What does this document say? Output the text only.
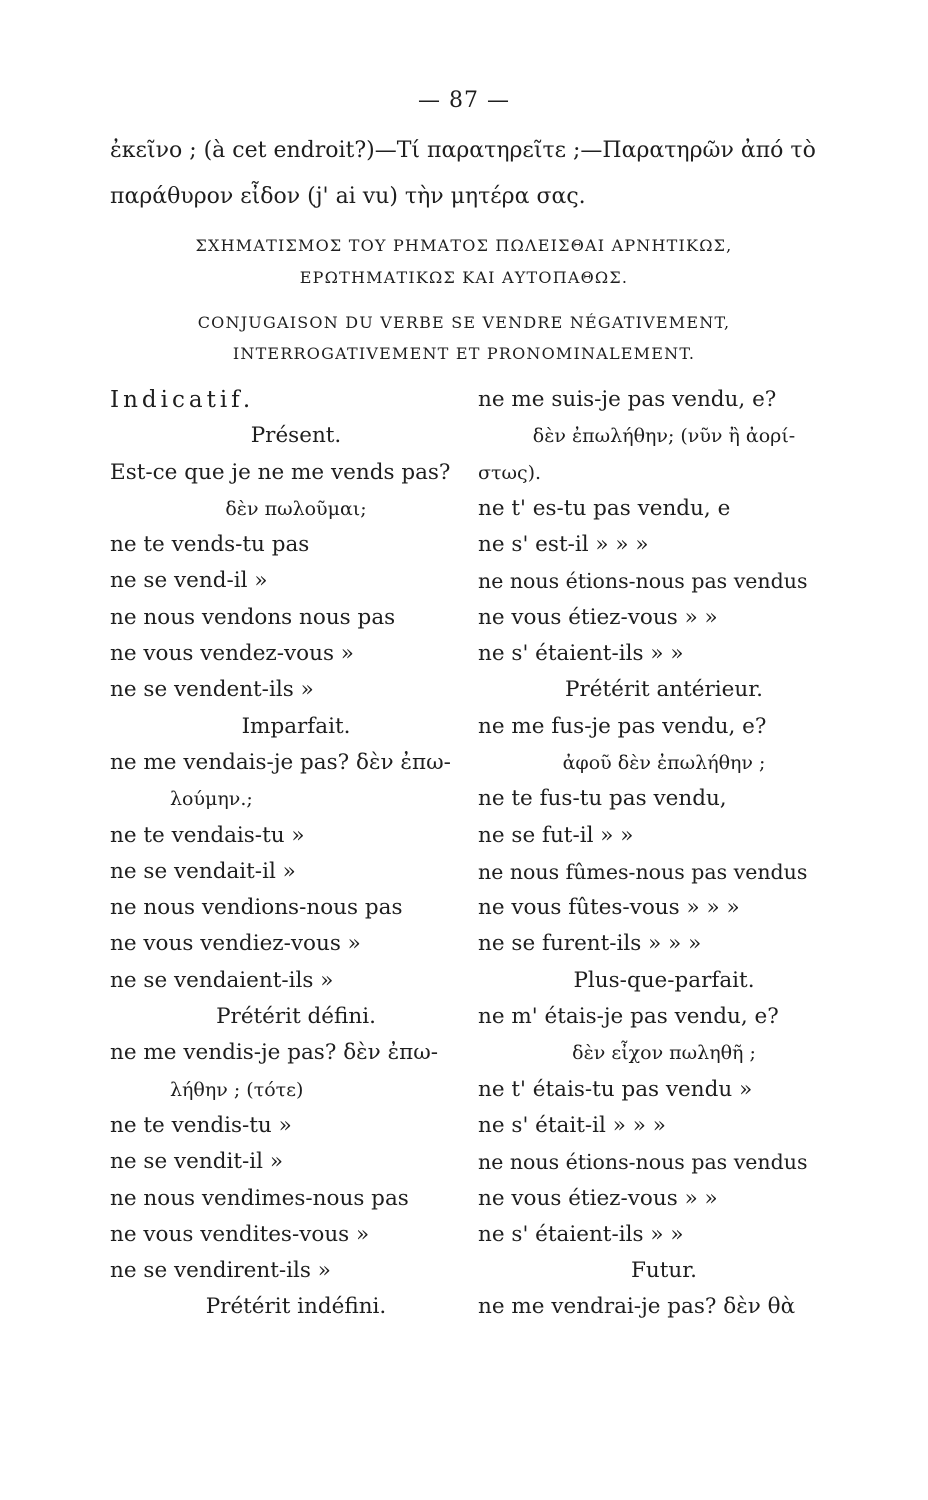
— 87 —
ἐκεῖνο ; (à cet endroit?)—Τί παρατηρεῖτε ;—Παρατηρῶν ἀπό τὸ
παράθυρον εἶδον (j' ai vu) τὴν μητέρα σας.
ΣΧΗΜΑΤΙΣΜΟΣ ΤΟΥ ΡΗΜΑΤΟΣ ΠΩΛΕΙΣΘΑΙ ΑΡΝΗΤΙΚΩΣ,
ΕΡΩΤΗΜΑΤΙΚΩΣ ΚΑΙ ΑΥΤΟΠΑΘΩΣ.
CONJUGAISON DU VERBE SE VENDRE NÉGATIVEMENT,
INTERROGATIVEMENT ET PRONOMINALEMENT.
Indicatif.
Présent.
Est-ce que je ne me vends pas?
δὲν πωλοῦμαι;
ne te vends-tu pas
ne se vend-il »
ne nous vendons nous pas
ne vous vendez-vous »
ne se vendent-ils »
Imparfait.
ne me vendais-je pas? δὲν ἐπω-
λούμην.;
ne te vendais-tu »
ne se vendait-il »
ne nous vendions-nous pas
ne vous vendiez-vous »
ne se vendaient-ils »
Prétérit défini.
ne me vendis-je pas? δὲν ἐπω-
λήθην ; (τότε)
ne te vendis-tu »
ne se vendit-il »
ne nous vendimes-nous pas
ne vous vendites-vous »
ne se vendirent-ils »
Prétérit indéfini.
ne me suis-je pas vendu, e?
δὲν ἐπωλήθην; (νῦν ἢ ἀορί-
στως).
ne t' es-tu pas vendu, e
ne s' est-il » » »
ne nous étions-nous pas vendus
ne vous étiez-vous » »
ne s' étaient-ils » »
Prétérit antérieur.
ne me fus-je pas vendu, e?
ἀφοῦ δὲν ἐπωλήθην ;
ne te fus-tu pas vendu,
ne se fut-il » »
ne nous fûmes-nous pas vendus
ne vous fûtes-vous » » »
ne se furent-ils » » »
Plus-que-parfait.
ne m' étais-je pas vendu, e?
δὲν εἶχον πωληθῆ ;
ne t' étais-tu pas vendu »
ne s' était-il » » »
ne nous étions-nous pas vendus
ne vous étiez-vous » »
ne s' étaient-ils » »
Futur.
ne me vendrai-je pas? δὲν θὰ
